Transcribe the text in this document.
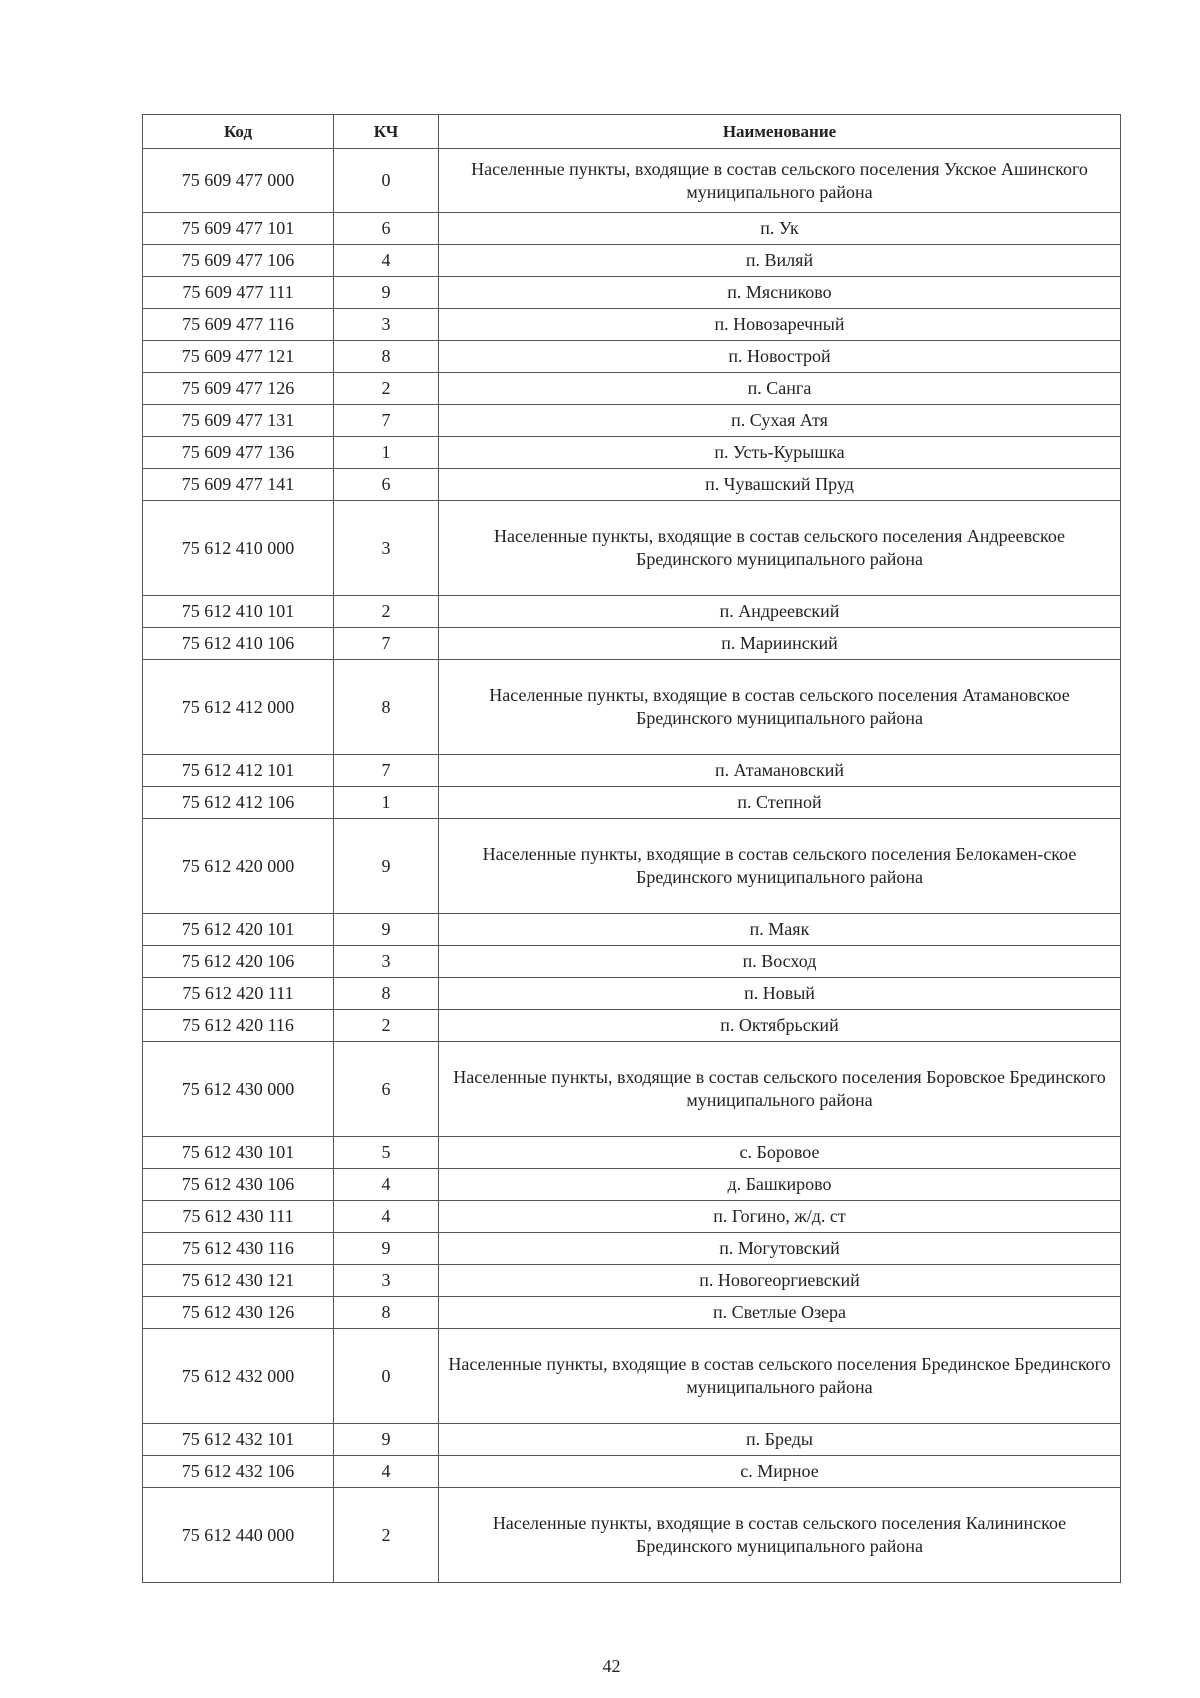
Код	КЧ	Наименование
75 609 477 000	0	Населенные пункты, входящие в состав сельского поселения Укское Ашинского муниципального района
75 609 477 101	6	п. Ук
75 609 477 106	4	п. Виляй
75 609 477 111	9	п. Мясниково
75 609 477 116	3	п. Новозаречный
75 609 477 121	8	п. Новострой
75 609 477 126	2	п. Санга
75 609 477 131	7	п. Сухая Атя
75 609 477 136	1	п. Усть-Курышка
75 609 477 141	6	п. Чувашский Пруд
75 612 410 000	3	Населенные пункты, входящие в состав сельского поселения Андреевское Брединского муниципального района
75 612 410 101	2	п. Андреевский
75 612 410 106	7	п. Мариинский
75 612 412 000	8	Населенные пункты, входящие в состав сельского поселения Атамановское Брединского муниципального района
75 612 412 101	7	п. Атамановский
75 612 412 106	1	п. Степной
75 612 420 000	9	Населенные пункты, входящие в состав сельского поселения Белокамен-ское Брединского муниципального района
75 612 420 101	9	п. Маяк
75 612 420 106	3	п. Восход
75 612 420 111	8	п. Новый
75 612 420 116	2	п. Октябрьский
75 612 430 000	6	Населенные пункты, входящие в состав сельского поселения Боровское Брединского муниципального района
75 612 430 101	5	с. Боровое
75 612 430 106	4	д. Башкирово
75 612 430 111	4	п. Гогино, ж/д. ст
75 612 430 116	9	п. Могутовский
75 612 430 121	3	п. Новогеоргиевский
75 612 430 126	8	п. Светлые Озера
75 612 432 000	0	Населенные пункты, входящие в состав сельского поселения Брединское Брединского муниципального района
75 612 432 101	9	п. Бреды
75 612 432 106	4	с. Мирное
75 612 440 000	2	Населенные пункты, входящие в состав сельского поселения Калининское Брединского муниципального района
42
